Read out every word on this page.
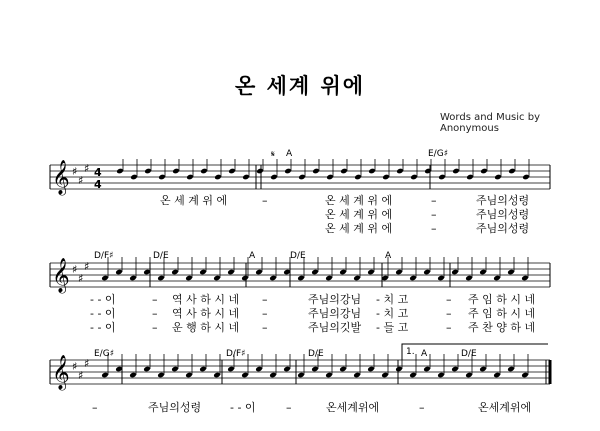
온 세계 위에
Words and Music by
Anonymous
𝄞 ♯
♯
♯ 4
4
𝄞 ♯
♯
♯
𝄞 ♯
♯
♯
𝄋 A	E/G♯
D/F♯	D/E	A	D/E	A
E/G♯	D/F♯	D/E	A	D/E
1.
온 세 계 위 에	–	온 세 계 위 에	–	주님의성령
온 세 계 위 에	–	주님의성령
온 세 계 위 에	–	주님의성령
- - 이	– 역 사 하 시 네 –	주님의강님 - 치 고	– 주 임 하 시 네
- - 이	– 역 사 하 시 네 –	주님의강님 - 치 고	– 주 임 하 시 네
- - 이	– 운 행 하 시 네 –	주님의깃발 - 들 고	– 주 찬 양 하 네
–	주님의성령	- - 이	–	온세계위에	–	온세계위에
